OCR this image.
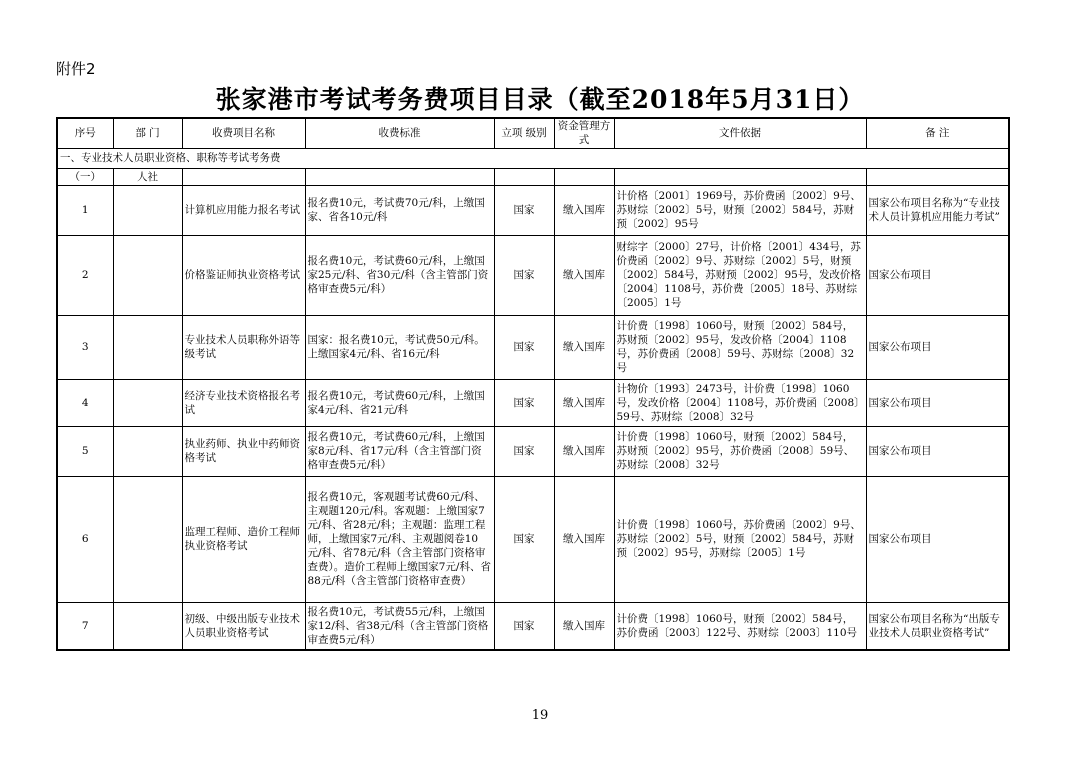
附件2
张家港市考试考务费项目目录（截至2018年5月31日）
序号	部 门	收费项目名称	收费标准	立项 级别	资金管理方式	文件依据	备 注
一、专业技术人员职业资格、职称等考试考务费							
（一）	人社						
1		计算机应用能力报名考试	报名费10元，考试费70元/科，上缴国家、省各10元/科	国家	缴入国库	计价格〔2001〕1969号，苏价费函〔2002〕9号、苏财综〔2002〕5号，财预〔2002〕584号，苏财预〔2002〕95号	国家公布项目名称为“专业技术人员计算机应用能力考试”
2		价格鉴证师执业资格考试	报名费10元，考试费60元/科，上缴国家25元/科、省30元/科（含主管部门资格审查费5元/科）	国家	缴入国库	财综字〔2000〕27号，计价格〔2001〕434号，苏价费函〔2002〕9号、苏财综〔2002〕5号，财预〔2002〕584号，苏财预〔2002〕95号，发改价格〔2004〕1108号，苏价费〔2005〕18号、苏财综〔2005〕1号	国家公布项目
3		专业技术人员职称外语等级考试	国家：报名费10元，考试费50元/科。上缴国家4元/科、省16元/科	国家	缴入国库	计价费〔1998〕1060号，财预〔2002〕584号，苏财预〔2002〕95号，发改价格〔2004〕1108号，苏价费函〔2008〕59号、苏财综〔2008〕32号	国家公布项目
4		经济专业技术资格报名考试	报名费10元，考试费60元/科，上缴国家4元/科、省21元/科	国家	缴入国库	计物价〔1993〕2473号，计价费〔1998〕1060号，发改价格〔2004〕1108号，苏价费函〔2008〕59号、苏财综〔2008〕32号	国家公布项目
5		执业药师、执业中药师资格考试	报名费10元，考试费60元/科，上缴国家8元/科、省17元/科（含主管部门资格审查费5元/科）	国家	缴入国库	计价费〔1998〕1060号，财预〔2002〕584号，苏财预〔2002〕95号，苏价费函〔2008〕59号、苏财综〔2008〕32号	国家公布项目
6		监理工程师、造价工程师执业资格考试	报名费10元，客观题考试费60元/科、主观题120元/科。客观题：上缴国家7元/科、省28元/科；主观题：监理工程师，上缴国家7元/科、主观题阅卷10元/科、省78元/科（含主管部门资格审查费）。造价工程师上缴国家7元/科、省88元/科（含主管部门资格审查费）	国家	缴入国库	计价费〔1998〕1060号，苏价费函〔2002〕9号、苏财综〔2002〕5号，财预〔2002〕584号，苏财预〔2002〕95号，苏财综〔2005〕1号	国家公布项目
7		初级、中级出版专业技术人员职业资格考试	报名费10元，考试费55元/科，上缴国家12/科、省38元/科（含主管部门资格审查费5元/科）	国家	缴入国库	计价费〔1998〕1060号，财预〔2002〕584号，苏价费函〔2003〕122号、苏财综〔2003〕110号	国家公布项目名称为“出版专业技术人员职业资格考试”
19
